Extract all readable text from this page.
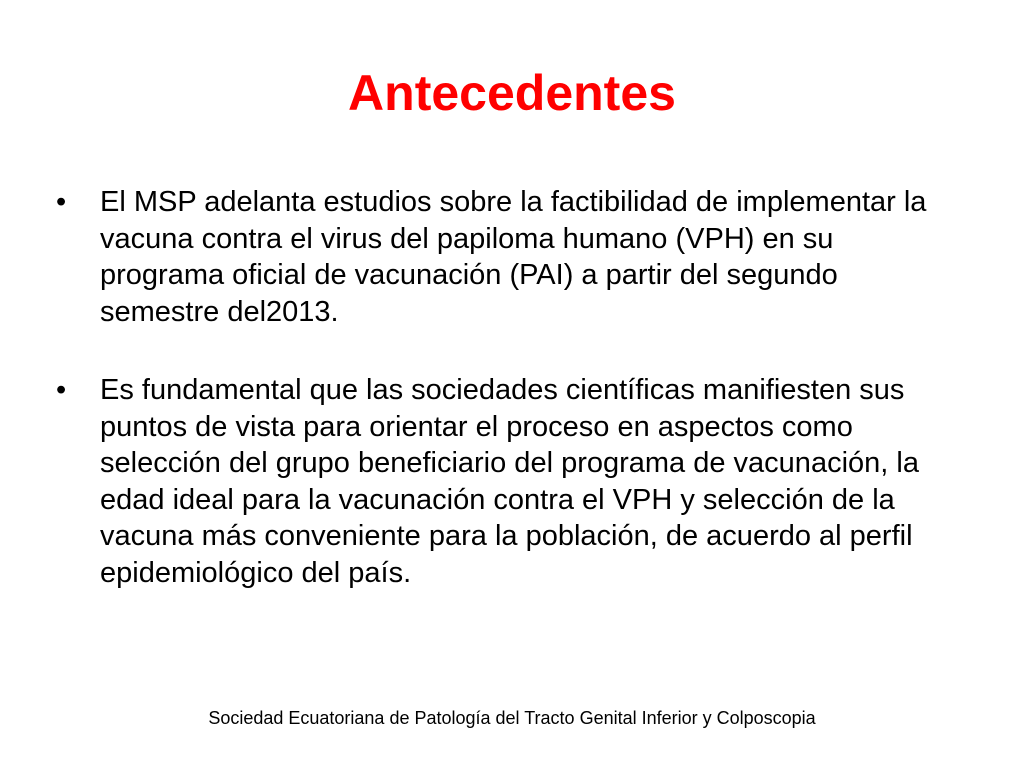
Antecedentes
•	El MSP adelanta estudios sobre la factibilidad de implementar la vacuna contra el virus del papiloma humano (VPH) en su programa oficial de vacunación (PAI) a partir del segundo semestre del2013.
•	Es fundamental que las sociedades científicas manifiesten sus puntos de vista para orientar el proceso en aspectos como selección del grupo beneficiario del programa de vacunación, la edad ideal para la vacunación contra el VPH y selección de la vacuna más conveniente para la población, de acuerdo al perfil epidemiológico del país.

Sociedad Ecuatoriana de Patología del Tracto Genital Inferior y Colposcopia
